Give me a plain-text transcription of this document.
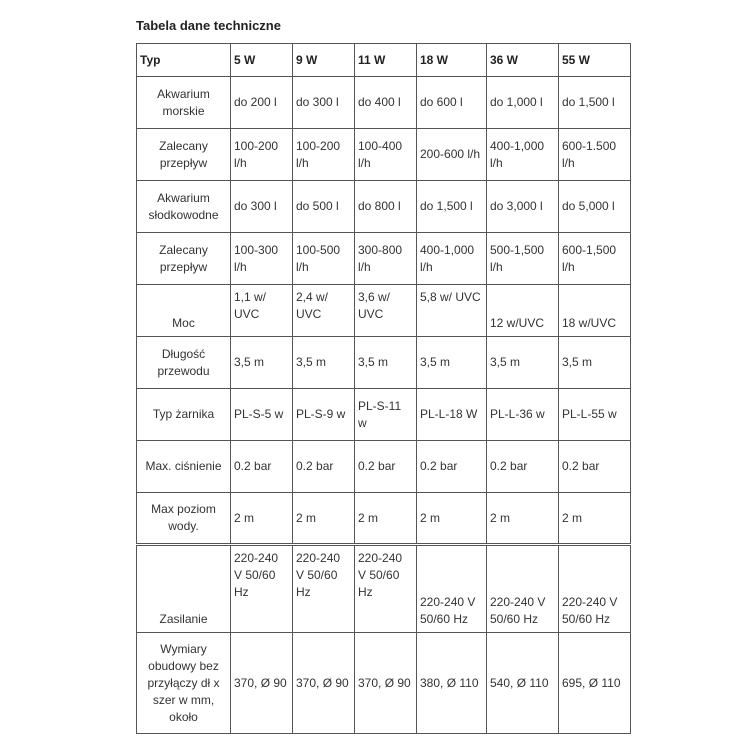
Tabela dane techniczne
Typ	5 W	9 W	11 W	18 W	36 W	55 W
Akwarium morskie	do 200 l	do 300 l	do 400 l	do 600 l	do 1,000 l	do 1,500 l
Zalecany przepływ	100-200 l/h	100-200 l/h	100-400 l/h	200-600 l/h	400-1,000 l/h	600-1.500 l/h
Akwarium słodkowodne	do 300 l	do 500 l	do 800 l	do 1,500 l	do 3,000 l	do 5,000 l
Zalecany przepływ	100-300 l/h	100-500 l/h	300-800 l/h	400-1,000 l/h	500-1,500 l/h	600-1,500 l/h
Moc	1,1 w/ UVC	2,4 w/ UVC	3,6 w/ UVC	5,8 w/ UVC	12 w/UVC	18 w/UVC
Długość przewodu	3,5 m	3,5 m	3,5 m	3,5 m	3,5 m	3,5 m
Typ żarnika	PL-S-5 w	PL-S-9 w	PL-S-11 w	PL-L-18 W	PL-L-36 w	PL-L-55 w
Max. ciśnienie	0.2 bar	0.2 bar	0.2 bar	0.2 bar	0.2 bar	0.2 bar
Max poziom wody.	2 m	2 m	2 m	2 m	2 m	2 m
Zasilanie	220-240 V 50/60 Hz	220-240 V 50/60 Hz	220-240 V 50/60 Hz	220-240 V 50/60 Hz	220-240 V 50/60 Hz	220-240 V 50/60 Hz
Wymiary obudowy bez przyłączy dł x szer w mm, około	370, Ø 90	370, Ø 90	370, Ø 90	380, Ø 110	540, Ø 110	695, Ø 110
